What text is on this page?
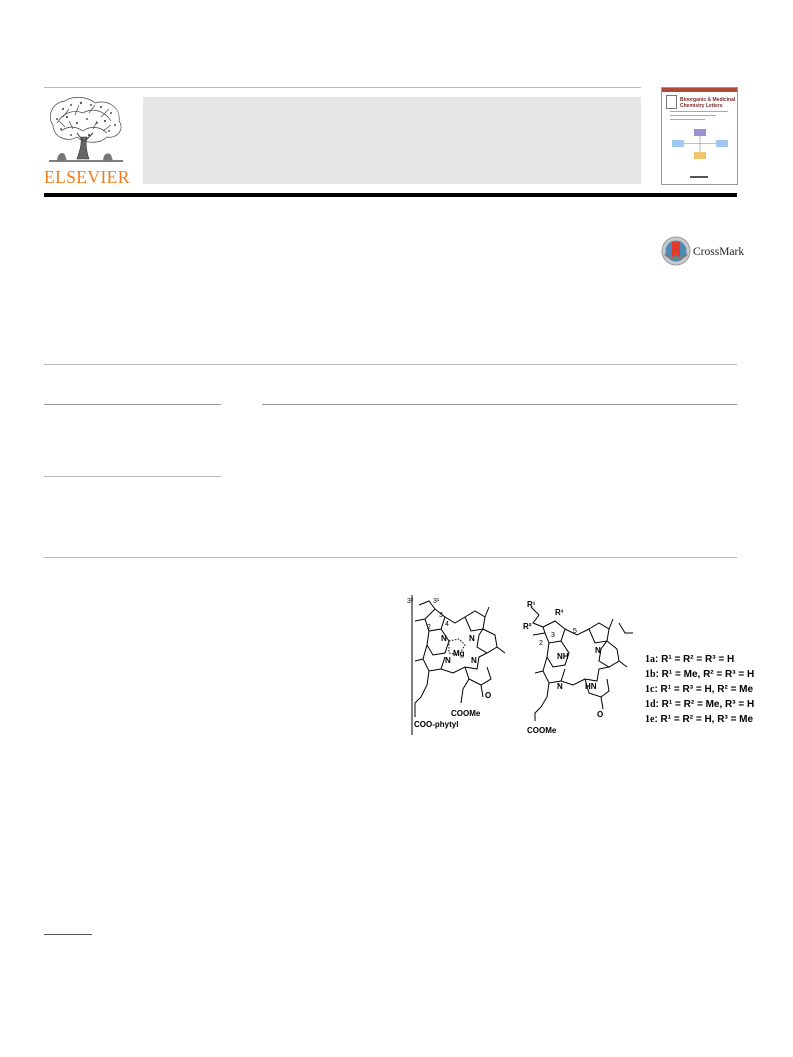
ELSEVIER
Bioorganic & Medicinal
Chemistry Letters
CrossMark
3²	3¹
3
2 4
N	N
N	N
Mg
O
COOMe
COO-phytyl
R¹
R²
R³
3
2
5
NH
N
N	HN
O
COOMe
1a: R¹ = R² = R³ = H
1b: R¹ = Me, R² = R³ = H
1c: R¹ = R³ = H, R² = Me
1d: R¹ = R² = Me, R³ = H
1e: R¹ = R² = H, R³ = Me
